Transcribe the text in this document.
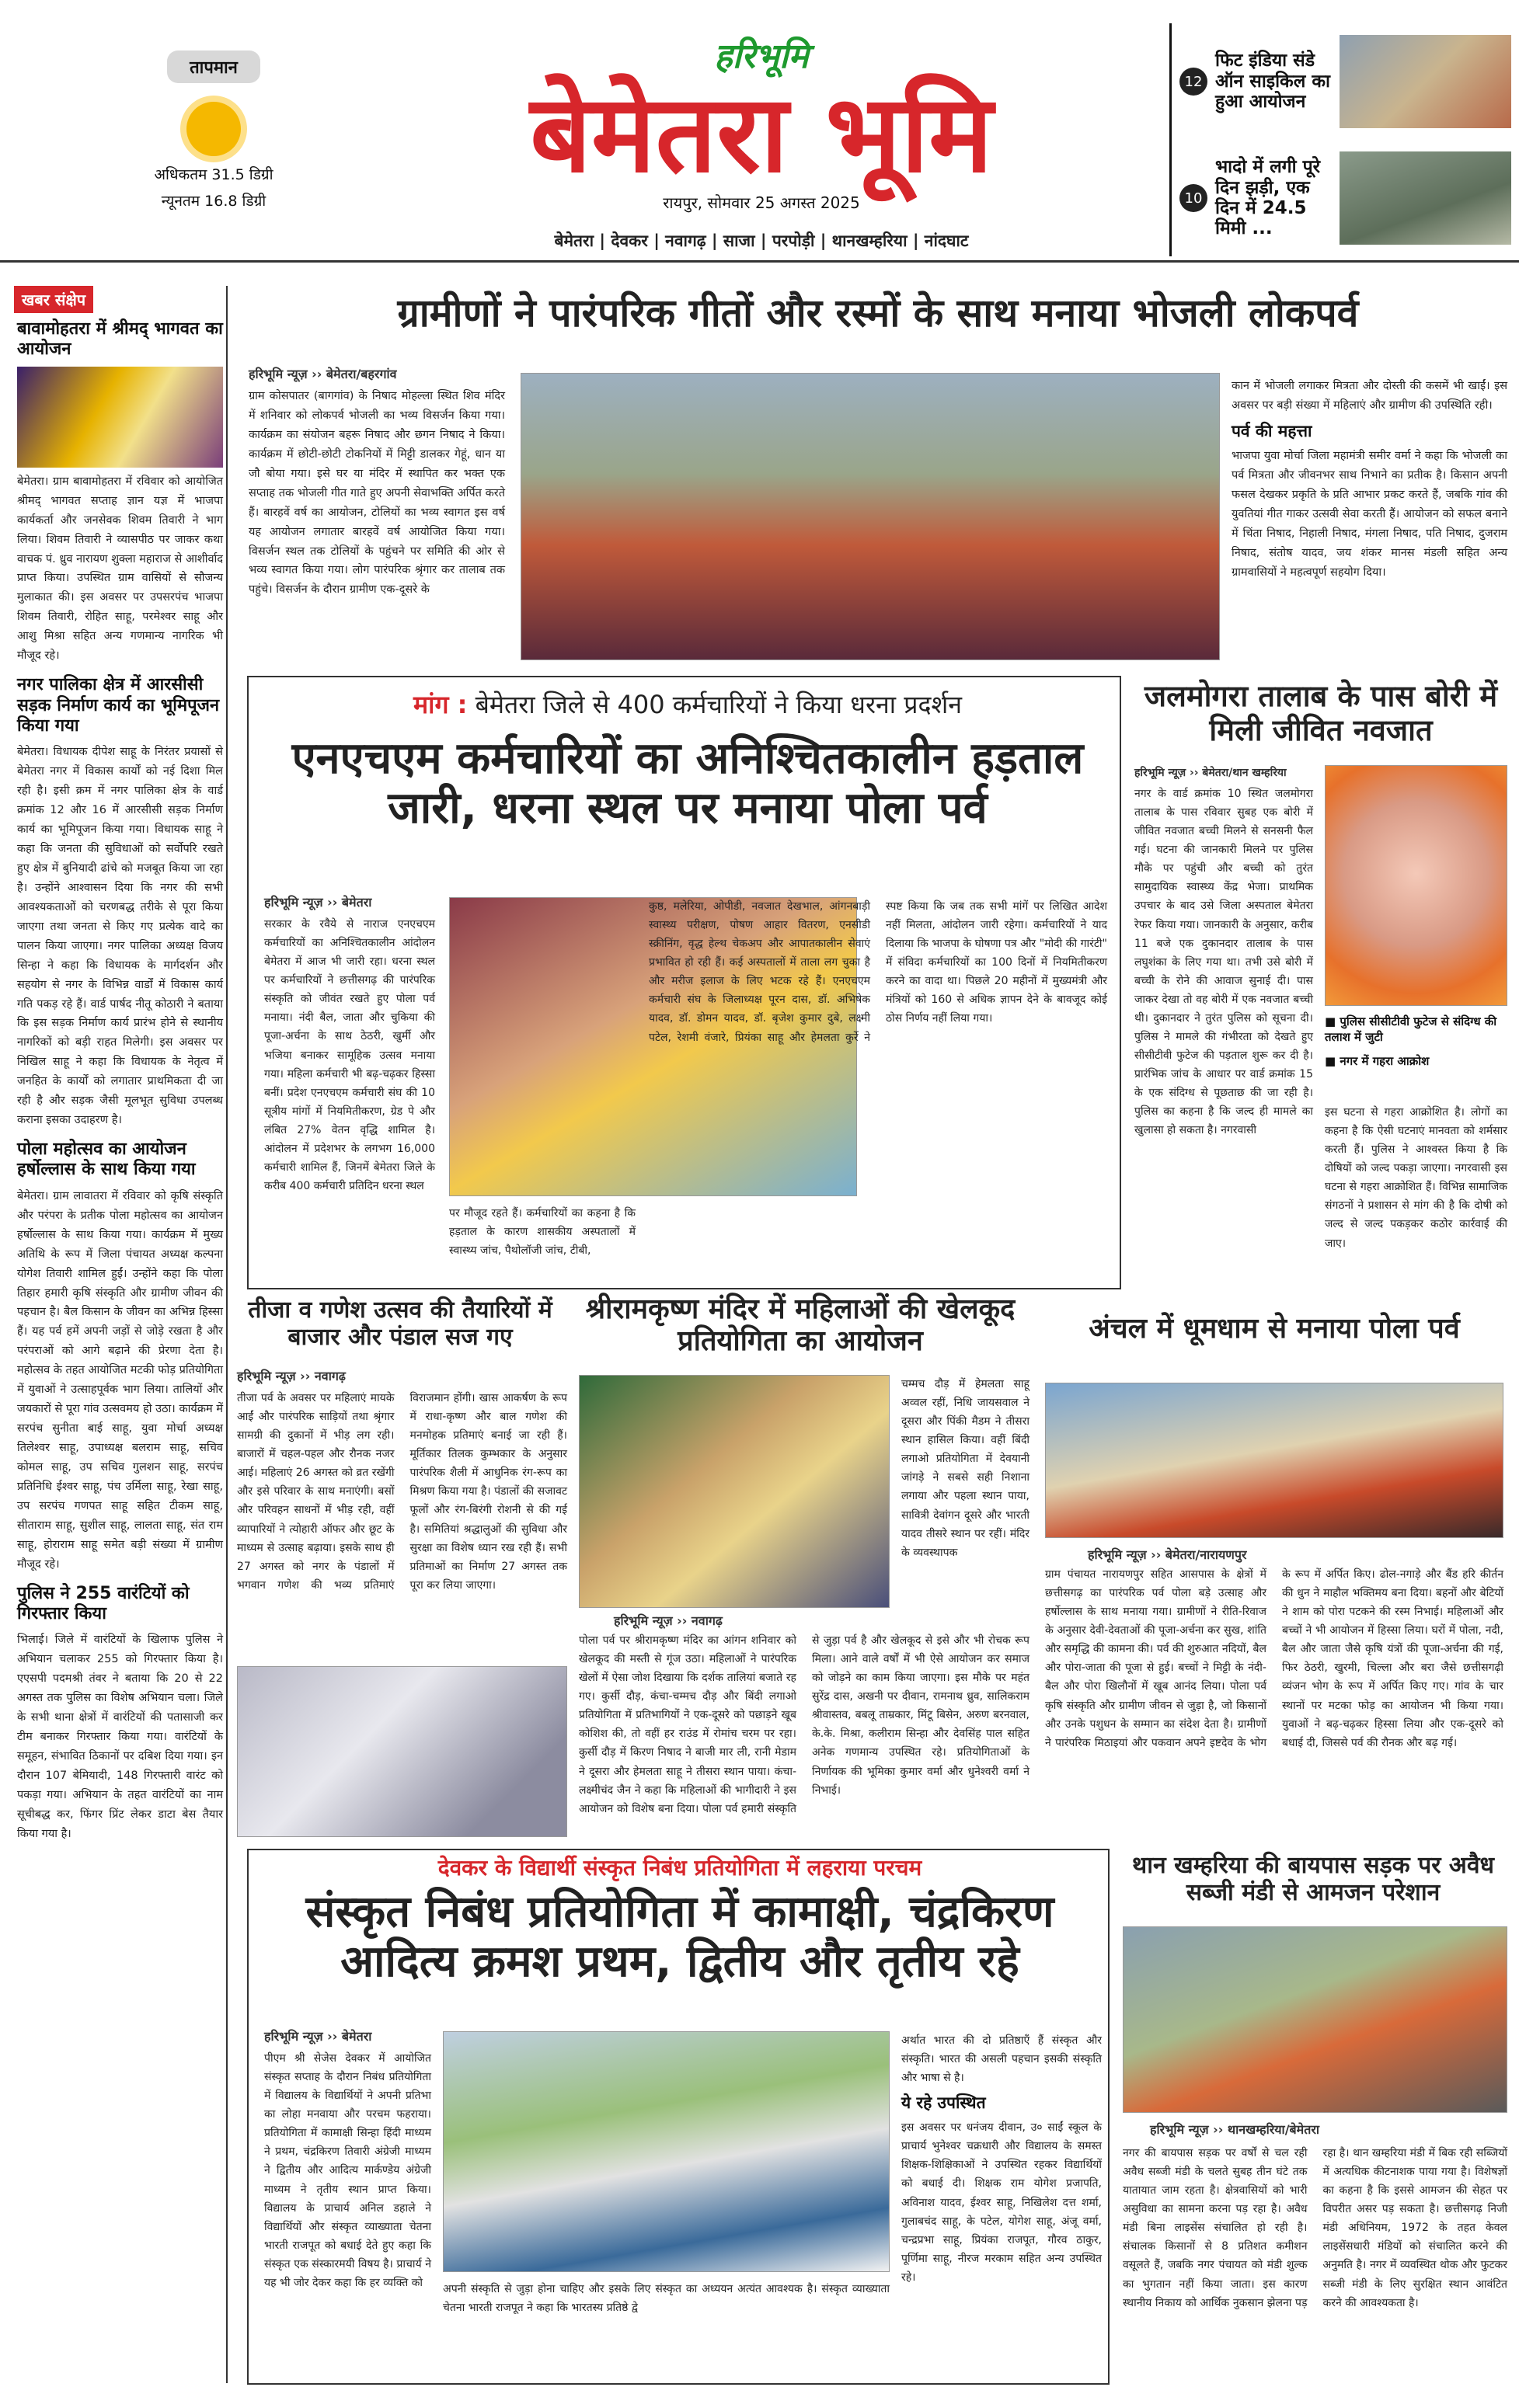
तापमान

अधिकतम 31.5 डिग्री

न्यूनतम 16.8 डिग्री

हरिभूमि
बेमेतरा भूमि
रायपुर, सोमवार 25 अगस्त 2025
बेमेतरा | देवकर | नवागढ़ | साजा | परपोड़ी | थानखम्हरिया | नांदघाट
12
फिट इंडिया संडे ऑन साइकिल का हुआ आयोजन
10
भादो में लगी पूरे दिन झड़ी, एक दिन में 24.5 मिमी ...
खबर संक्षेप
बावामोहतरा में श्रीमद् भागवत का आयोजन
बेमेतरा। ग्राम बावामोहतरा में रविवार को आयोजित श्रीमद् भागवत सप्ताह ज्ञान यज्ञ में भाजपा कार्यकर्ता और जनसेवक शिवम तिवारी ने भाग लिया। शिवम तिवारी ने व्यासपीठ पर जाकर कथा वाचक पं. ध्रुव नारायण शुक्ला महाराज से आशीर्वाद प्राप्त किया। उपस्थित ग्राम वासियों से सौजन्य मुलाकात की। इस अवसर पर उपसरपंच भाजपा शिवम तिवारी, रोहित साहू, परमेश्वर साहू और आशु मिश्रा सहित अन्य गणमान्य नागरिक भी मौजूद रहे।
नगर पालिका क्षेत्र में आरसीसी सड़क निर्माण कार्य का भूमिपूजन किया गया
बेमेतरा। विधायक दीपेश साहू के निरंतर प्रयासों से बेमेतरा नगर में विकास कार्यों को नई दिशा मिल रही है। इसी क्रम में नगर पालिका क्षेत्र के वार्ड क्रमांक 12 और 16 में आरसीसी सड़क निर्माण कार्य का भूमिपूजन किया गया। विधायक साहू ने कहा कि जनता की सुविधाओं को सर्वोपरि रखते हुए क्षेत्र में बुनियादी ढांचे को मजबूत किया जा रहा है। उन्होंने आश्वासन दिया कि नगर की सभी आवश्यकताओं को चरणबद्ध तरीके से पूरा किया जाएगा तथा जनता से किए गए प्रत्येक वादे का पालन किया जाएगा। नगर पालिका अध्यक्ष विजय सिन्हा ने कहा कि विधायक के मार्गदर्शन और सहयोग से नगर के विभिन्न वार्डों में विकास कार्य गति पकड़ रहे हैं। वार्ड पार्षद नीतू कोठारी ने बताया कि इस सड़क निर्माण कार्य प्रारंभ होने से स्थानीय नागरिकों को बड़ी राहत मिलेगी। इस अवसर पर निखिल साहू ने कहा कि विधायक के नेतृत्व में जनहित के कार्यों को लगातार प्राथमिकता दी जा रही है और सड़क जैसी मूलभूत सुविधा उपलब्ध कराना इसका उदाहरण है।
पोला महोत्सव का आयोजन हर्षोल्लास के साथ किया गया
बेमेतरा। ग्राम लावातरा में रविवार को कृषि संस्कृति और परंपरा के प्रतीक पोला महोत्सव का आयोजन हर्षोल्लास के साथ किया गया। कार्यक्रम में मुख्य अतिथि के रूप में जिला पंचायत अध्यक्ष कल्पना योगेश तिवारी शामिल हुईं। उन्होंने कहा कि पोला तिहार हमारी कृषि संस्कृति और ग्रामीण जीवन की पहचान है। बैल किसान के जीवन का अभिन्न हिस्सा हैं। यह पर्व हमें अपनी जड़ों से जोड़े रखता है और परंपराओं को आगे बढ़ाने की प्रेरणा देता है। महोत्सव के तहत आयोजित मटकी फोड़ प्रतियोगिता में युवाओं ने उत्साहपूर्वक भाग लिया। तालियों और जयकारों से पूरा गांव उत्सवमय हो उठा। कार्यक्रम में सरपंच सुनीता बाई साहू, युवा मोर्चा अध्यक्ष तिलेश्वर साहू, उपाध्यक्ष बलराम साहू, सचिव कोमल साहू, उप सचिव गुलशन साहू, सरपंच प्रतिनिधि ईश्वर साहू, पंच उर्मिला साहू, रेखा साहू, उप सरपंच गणपत साहू सहित टीकम साहू, सीताराम साहू, सुशील साहू, लालता साहू, संत राम साहू, होराराम साहू समेत बड़ी संख्या में ग्रामीण मौजूद रहे।
पुलिस ने 255 वारंटियों को गिरफ्तार किया
भिलाई। जिले में वारंटियों के खिलाफ पुलिस ने अभियान चलाकर 255 को गिरफ्तार किया है। एएसपी पदमश्री तंवर ने बताया कि 20 से 22 अगस्त तक पुलिस का विशेष अभियान चला। जिले के सभी थाना क्षेत्रों में वारंटियों की पतासाजी कर टीम बनाकर गिरफ्तार किया गया। वारंटियों के समूहन, संभावित ठिकानों पर दबिश दिया गया। इन दौरान 107 बेमियादी, 148 गिरफ्तारी वारंट को पकड़ा गया। अभियान के तहत वारंटियों का नाम सूचीबद्ध कर, फिंगर प्रिंट लेकर डाटा बेस तैयार किया गया है।
ग्रामीणों ने पारंपरिक गीतों और रस्मों के साथ मनाया भोजली लोकपर्व
हरिभूमि न्यूज़ ›› बेमेतरा/बहरगांव
ग्राम कोसपातर (बागगांव) के निषाद मोहल्ला स्थित शिव मंदिर में शनिवार को लोकपर्व भोजली का भव्य विसर्जन किया गया। कार्यक्रम का संयोजन बहरू निषाद और छगन निषाद ने किया। कार्यक्रम में छोटी-छोटी टोकनियों में मिट्टी डालकर गेहूं, धान या जौ बोया गया। इसे घर या मंदिर में स्थापित कर भक्त एक सप्ताह तक भोजली गीत गाते हुए अपनी सेवाभक्ति अर्पित करते हैं। बारहवें वर्ष का आयोजन, टोलियों का भव्य स्वागत इस वर्ष यह आयोजन लगातार बारहवें वर्ष आयोजित किया गया। विसर्जन स्थल तक टोलियों के पहुंचने पर समिति की ओर से भव्य स्वागत किया गया। लोग पारंपरिक श्रृंगार कर तालाब तक पहुंचे। विसर्जन के दौरान ग्रामीण एक-दूसरे के
कान में भोजली लगाकर मित्रता और दोस्ती की कसमें भी खाईं। इस अवसर पर बड़ी संख्या में महिलाएं और ग्रामीण की उपस्थिति रही।
पर्व की महत्ता
भाजपा युवा मोर्चा जिला महामंत्री समीर वर्मा ने कहा कि भोजली का पर्व मित्रता और जीवनभर साथ निभाने का प्रतीक है। किसान अपनी फसल देखकर प्रकृति के प्रति आभार प्रकट करते हैं, जबकि गांव की युवतियां गीत गाकर उत्सवी सेवा करती हैं। आयोजन को सफल बनाने में चिंता निषाद, निहाली निषाद, मंगला निषाद, पति निषाद, दुजराम निषाद, संतोष यादव, जय शंकर मानस मंडली सहित अन्य ग्रामवासियों ने महत्वपूर्ण सहयोग दिया।
मांग : बेमेतरा जिले से 400 कर्मचारियों ने किया धरना प्रदर्शन
एनएचएम कर्मचारियों का अनिश्चितकालीन हड़ताल जारी, धरना स्थल पर मनाया पोला पर्व
हरिभूमि न्यूज़ ›› बेमेतरा
सरकार के रवैये से नाराज एनएचएम कर्मचारियों का अनिश्चितकालीन आंदोलन बेमेतरा में आज भी जारी रहा। धरना स्थल पर कर्मचारियों ने छत्तीसगढ़ की पारंपरिक संस्कृति को जीवंत रखते हुए पोला पर्व मनाया। नंदी बैल, जाता और चुकिया की पूजा-अर्चना के साथ ठेठरी, खुर्मी और भजिया बनाकर सामूहिक उत्सव मनाया गया। महिला कर्मचारी भी बढ़-चढ़कर हिस्सा बनीं। प्रदेश एनएचएम कर्मचारी संघ की 10 सूत्रीय मांगों में नियमितीकरण, ग्रेड पे और लंबित 27% वेतन वृद्धि शामिल है। आंदोलन में प्रदेशभर के लगभग 16,000 कर्मचारी शामिल हैं, जिनमें बेमेतरा जिले के करीब 400 कर्मचारी प्रतिदिन धरना स्थल
पर मौजूद रहते हैं। कर्मचारियों का कहना है कि हड़ताल के कारण शासकीय अस्पतालों में स्वास्थ्य जांच, पैथोलॉजी जांच, टीबी,
कुष्ठ, मलेरिया, ओपीडी, नवजात देखभाल, आंगनबाड़ी स्वास्थ्य परीक्षण, पोषण आहार वितरण, एनसीडी स्क्रीनिंग, वृद्ध हेल्थ चेकअप और आपातकालीन सेवाएं प्रभावित हो रही हैं। कई अस्पतालों में ताला लग चुका है और मरीज इलाज के लिए भटक रहे हैं। एनएचएम कर्मचारी संघ के जिलाध्यक्ष पूरन दास, डॉ. अभिषेक यादव, डॉ. डोमन यादव, डॉ. बृजेश कुमार दुबे, लक्ष्मी पटेल, रेशमी वंजारे, प्रियंका साहू और हेमलता कुर्रे ने स्पष्ट किया कि जब तक सभी मांगें पर लिखित आदेश नहीं मिलता, आंदोलन जारी रहेगा। कर्मचारियों ने याद दिलाया कि भाजपा के घोषणा पत्र और "मोदी की गारंटी" में संविदा कर्मचारियों का 100 दिनों में नियमितीकरण करने का वादा था। पिछले 20 महीनों में मुख्यमंत्री और मंत्रियों को 160 से अधिक ज्ञापन देने के बावजूद कोई ठोस निर्णय नहीं लिया गया।
जलमोगरा तालाब के पास बोरी में मिली जीवित नवजात
हरिभूमि न्यूज़ ›› बेमेतरा/थान खम्हरिया
नगर के वार्ड क्रमांक 10 स्थित जलमोगरा तालाब के पास रविवार सुबह एक बोरी में जीवित नवजात बच्ची मिलने से सनसनी फैल गई। घटना की जानकारी मिलने पर पुलिस मौके पर पहुंची और बच्ची को तुरंत सामुदायिक स्वास्थ्य केंद्र भेजा। प्राथमिक उपचार के बाद उसे जिला अस्पताल बेमेतरा रेफर किया गया। जानकारी के अनुसार, करीब 11 बजे एक दुकानदार तालाब के पास लघुशंका के लिए गया था। तभी उसे बोरी में बच्ची के रोने की आवाज सुनाई दी। पास जाकर देखा तो वह बोरी में एक नवजात बच्ची थी। दुकानदार ने तुरंत पुलिस को सूचना दी। पुलिस ने मामले की गंभीरता को देखते हुए सीसीटीवी फुटेज की पड़ताल शुरू कर दी है। प्रारंभिक जांच के आधार पर वार्ड क्रमांक 15 के एक संदिग्ध से पूछताछ की जा रही है। पुलिस का कहना है कि जल्द ही मामले का खुलासा हो सकता है। नगरवासी
■ पुलिस सीसीटीवी फुटेज से संदिग्ध की तलाश में जुटी
■ नगर में गहरा आक्रोश
इस घटना से गहरा आक्रोशित है। लोगों का कहना है कि ऐसी घटनाएं मानवता को शर्मसार करती हैं। पुलिस ने आश्वस्त किया है कि दोषियों को जल्द पकड़ा जाएगा। नगरवासी इस घटना से गहरा आक्रोशित हैं। विभिन्न सामाजिक संगठनों ने प्रशासन से मांग की है कि दोषी को जल्द से जल्द पकड़कर कठोर कार्रवाई की जाए।
तीजा व गणेश उत्सव की तैयारियों में बाजार और पंडाल सज गए
हरिभूमि न्यूज़ ›› नवागढ़
तीजा पर्व के अवसर पर महिलाएं मायके आईं और पारंपरिक साड़ियों तथा श्रृंगार सामग्री की दुकानों में भीड़ लग रही। बाजारों में चहल-पहल और रौनक नजर आई। महिलाएं 26 अगस्त को व्रत रखेंगी और इसे परिवार के साथ मनाएंगी। बसों और परिवहन साधनों में भीड़ रही, वहीं व्यापारियों ने त्योहारी ऑफर और छूट के माध्यम से उत्साह बढ़ाया। इसके साथ ही 27 अगस्त को नगर के पंडालों में भगवान गणेश की भव्य प्रतिमाएं विराजमान होंगी। खास आकर्षण के रूप में राधा-कृष्ण और बाल गणेश की मनमोहक प्रतिमाएं बनाई जा रही हैं। मूर्तिकार तिलक कुम्भकार के अनुसार पारंपरिक शैली में आधुनिक रंग-रूप का मिश्रण किया गया है। पंडालों की सजावट फूलों और रंग-बिरंगी रोशनी से की गई है। समितियां श्रद्धालुओं की सुविधा और सुरक्षा का विशेष ध्यान रख रही हैं। सभी प्रतिमाओं का निर्माण 27 अगस्त तक पूरा कर लिया जाएगा।
श्रीरामकृष्ण मंदिर में महिलाओं की खेलकूद प्रतियोगिता का आयोजन
चम्मच दौड़ में हेमलता साहू अव्वल रहीं, निधि जायसवाल ने दूसरा और पिंकी मैडम ने तीसरा स्थान हासिल किया। वहीं बिंदी लगाओ प्रतियोगिता में देवयानी जांगड़े ने सबसे सही निशाना लगाया और पहला स्थान पाया, सावित्री देवांगन दूसरे और भारती यादव तीसरे स्थान पर रहीं। मंदिर के व्यवस्थापक
हरिभूमि न्यूज़ ›› नवागढ़
पोला पर्व पर श्रीरामकृष्ण मंदिर का आंगन शनिवार को खेलकूद की मस्ती से गूंज उठा। महिलाओं ने पारंपरिक खेलों में ऐसा जोश दिखाया कि दर्शक तालियां बजाते रह गए। कुर्सी दौड़, कंचा-चम्मच दौड़ और बिंदी लगाओ प्रतियोगिता में प्रतिभागियों ने एक-दूसरे को पछाड़ने खूब कोशिश की, तो वहीं हर राउंड में रोमांच चरम पर रहा। कुर्सी दौड़ में किरण निषाद ने बाजी मार ली, रानी मेडाम ने दूसरा और हेमलता साहू ने तीसरा स्थान पाया। कंचा-लक्ष्मीचंद जैन ने कहा कि महिलाओं की भागीदारी ने इस आयोजन को विशेष बना दिया। पोला पर्व हमारी संस्कृति से जुड़ा पर्व है और खेलकूद से इसे और भी रोचक रूप मिला। आने वाले वर्षों में भी ऐसे आयोजन कर समाज को जोड़ने का काम किया जाएगा। इस मौके पर महंत सुरेंद्र दास, अखनी पर दीवान, रामनाथ ध्रुव, सालिकराम श्रीवास्तव, बबलू ताम्रकार, मिंटू बिसेन, अरुण बरनवाल, के.के. मिश्रा, कलीराम सिन्हा और देवसिंह पाल सहित अनेक गणमान्य उपस्थित रहे। प्रतियोगिताओं के निर्णायक की भूमिका कुमार वर्मा और धुनेश्वरी वर्मा ने निभाई।
अंचल में धूमधाम से मनाया पोला पर्व
हरिभूमि न्यूज़ ›› बेमेतरा/नारायणपुर
ग्राम पंचायत नारायणपुर सहित आसपास के क्षेत्रों में छत्तीसगढ़ का पारंपरिक पर्व पोला बड़े उत्साह और हर्षोल्लास के साथ मनाया गया। ग्रामीणों ने रीति-रिवाज के अनुसार देवी-देवताओं की पूजा-अर्चना कर सुख, शांति और समृद्धि की कामना की। पर्व की शुरुआत नदियों, बैल और पोरा-जाता की पूजा से हुई। बच्चों ने मिट्टी के नंदी-बैल और पोरा खिलौनों में खूब आनंद लिया। पोला पर्व कृषि संस्कृति और ग्रामीण जीवन से जुड़ा है, जो किसानों और उनके पशुधन के सम्मान का संदेश देता है। ग्रामीणों ने पारंपरिक मिठाइयां और पकवान अपने इष्टदेव के भोग के रूप में अर्पित किए। ढोल-नगाड़े और बैंड हरि कीर्तन की धुन ने माहौल भक्तिमय बना दिया। बहनों और बेटियों ने शाम को पोरा पटकने की रस्म निभाई। महिलाओं और बच्चों ने भी आयोजन में हिस्सा लिया। घरों में पोला, नदी, बैल और जाता जैसे कृषि यंत्रों की पूजा-अर्चना की गई, फिर ठेठरी, खुरमी, चिल्ला और बरा जैसे छत्तीसगढ़ी व्यंजन भोग के रूप में अर्पित किए गए। गांव के चार स्थानों पर मटका फोड़ का आयोजन भी किया गया। युवाओं ने बढ़-चढ़कर हिस्सा लिया और एक-दूसरे को बधाई दी, जिससे पर्व की रौनक और बढ़ गई।
देवकर के विद्यार्थी संस्कृत निबंध प्रतियोगिता में लहराया परचम
संस्कृत निबंध प्रतियोगिता में कामाक्षी, चंद्रकिरण आदित्य क्रमश प्रथम, द्वितीय और तृतीय रहे
हरिभूमि न्यूज़ ›› बेमेतरा
पीएम श्री सेजेस देवकर में आयोजित संस्कृत सप्ताह के दौरान निबंध प्रतियोगिता में विद्यालय के विद्यार्थियों ने अपनी प्रतिभा का लोहा मनवाया और परचम फहराया। प्रतियोगिता में कामाक्षी सिन्हा हिंदी माध्यम ने प्रथम, चंद्रकिरण तिवारी अंग्रेजी माध्यम ने द्वितीय और आदित्य मार्कण्डेय अंग्रेजी माध्यम ने तृतीय स्थान प्राप्त किया। विद्यालय के प्राचार्य अनिल डहाले ने विद्यार्थियों और संस्कृत व्याख्याता चेतना भारती राजपूत को बधाई देते हुए कहा कि संस्कृत एक संस्कारमयी विषय है। प्राचार्य ने यह भी जोर देकर कहा कि हर व्यक्ति को
अपनी संस्कृति से जुड़ा होना चाहिए और इसके लिए संस्कृत का अध्ययन अत्यंत आवश्यक है। संस्कृत व्याख्याता चेतना भारती राजपूत ने कहा कि भारतस्य प्रतिष्ठे द्वे
अर्थात भारत की दो प्रतिष्ठाएँ हैं संस्कृत और संस्कृति। भारत की असली पहचान इसकी संस्कृति और भाषा से है।
ये रहे उपस्थित
इस अवसर पर धनंजय दीवान, उ० साईं स्कूल के प्राचार्य भुनेश्वर चक्रधारी और विद्यालय के समस्त शिक्षक-शिक्षिकाओं ने उपस्थित रहकर विद्यार्थियों को बधाई दी। शिक्षक राम योगेश प्रजापति, अविनाश यादव, ईश्वर साहू, निखिलेश दत्त शर्मा, गुलाबचंद साहू, के पटेल, योगेश साहू, अंजू वर्मा, चन्द्रप्रभा साहू, प्रियंका राजपूत, गौरव ठाकुर, पूर्णिमा साहू, नीरज मरकाम सहित अन्य उपस्थित रहे।
थान खम्हरिया की बायपास सड़क पर अवैध सब्जी मंडी से आमजन परेशान
हरिभूमि न्यूज़ ›› थानखम्हरिया/बेमेतरा
नगर की बायपास सड़क पर वर्षों से चल रही अवैध सब्जी मंडी के चलते सुबह तीन घंटे तक यातायात जाम रहता है। क्षेत्रवासियों को भारी असुविधा का सामना करना पड़ रहा है। अवैध मंडी बिना लाइसेंस संचालित हो रही है। संचालक किसानों से 8 प्रतिशत कमीशन वसूलते हैं, जबकि नगर पंचायत को मंडी शुल्क का भुगतान नहीं किया जाता। इस कारण स्थानीय निकाय को आर्थिक नुकसान झेलना पड़ रहा है। थान खम्हरिया मंडी में बिक रही सब्जियों में अत्यधिक कीटनाशक पाया गया है। विशेषज्ञों का कहना है कि इससे आमजन की सेहत पर विपरीत असर पड़ सकता है। छत्तीसगढ़ निजी मंडी अधिनियम, 1972 के तहत केवल लाइसेंसधारी मंडियों को संचालित करने की अनुमति है। नगर में व्यवस्थित थोक और फुटकर सब्जी मंडी के लिए सुरक्षित स्थान आवंटित करने की आवश्यकता है।
